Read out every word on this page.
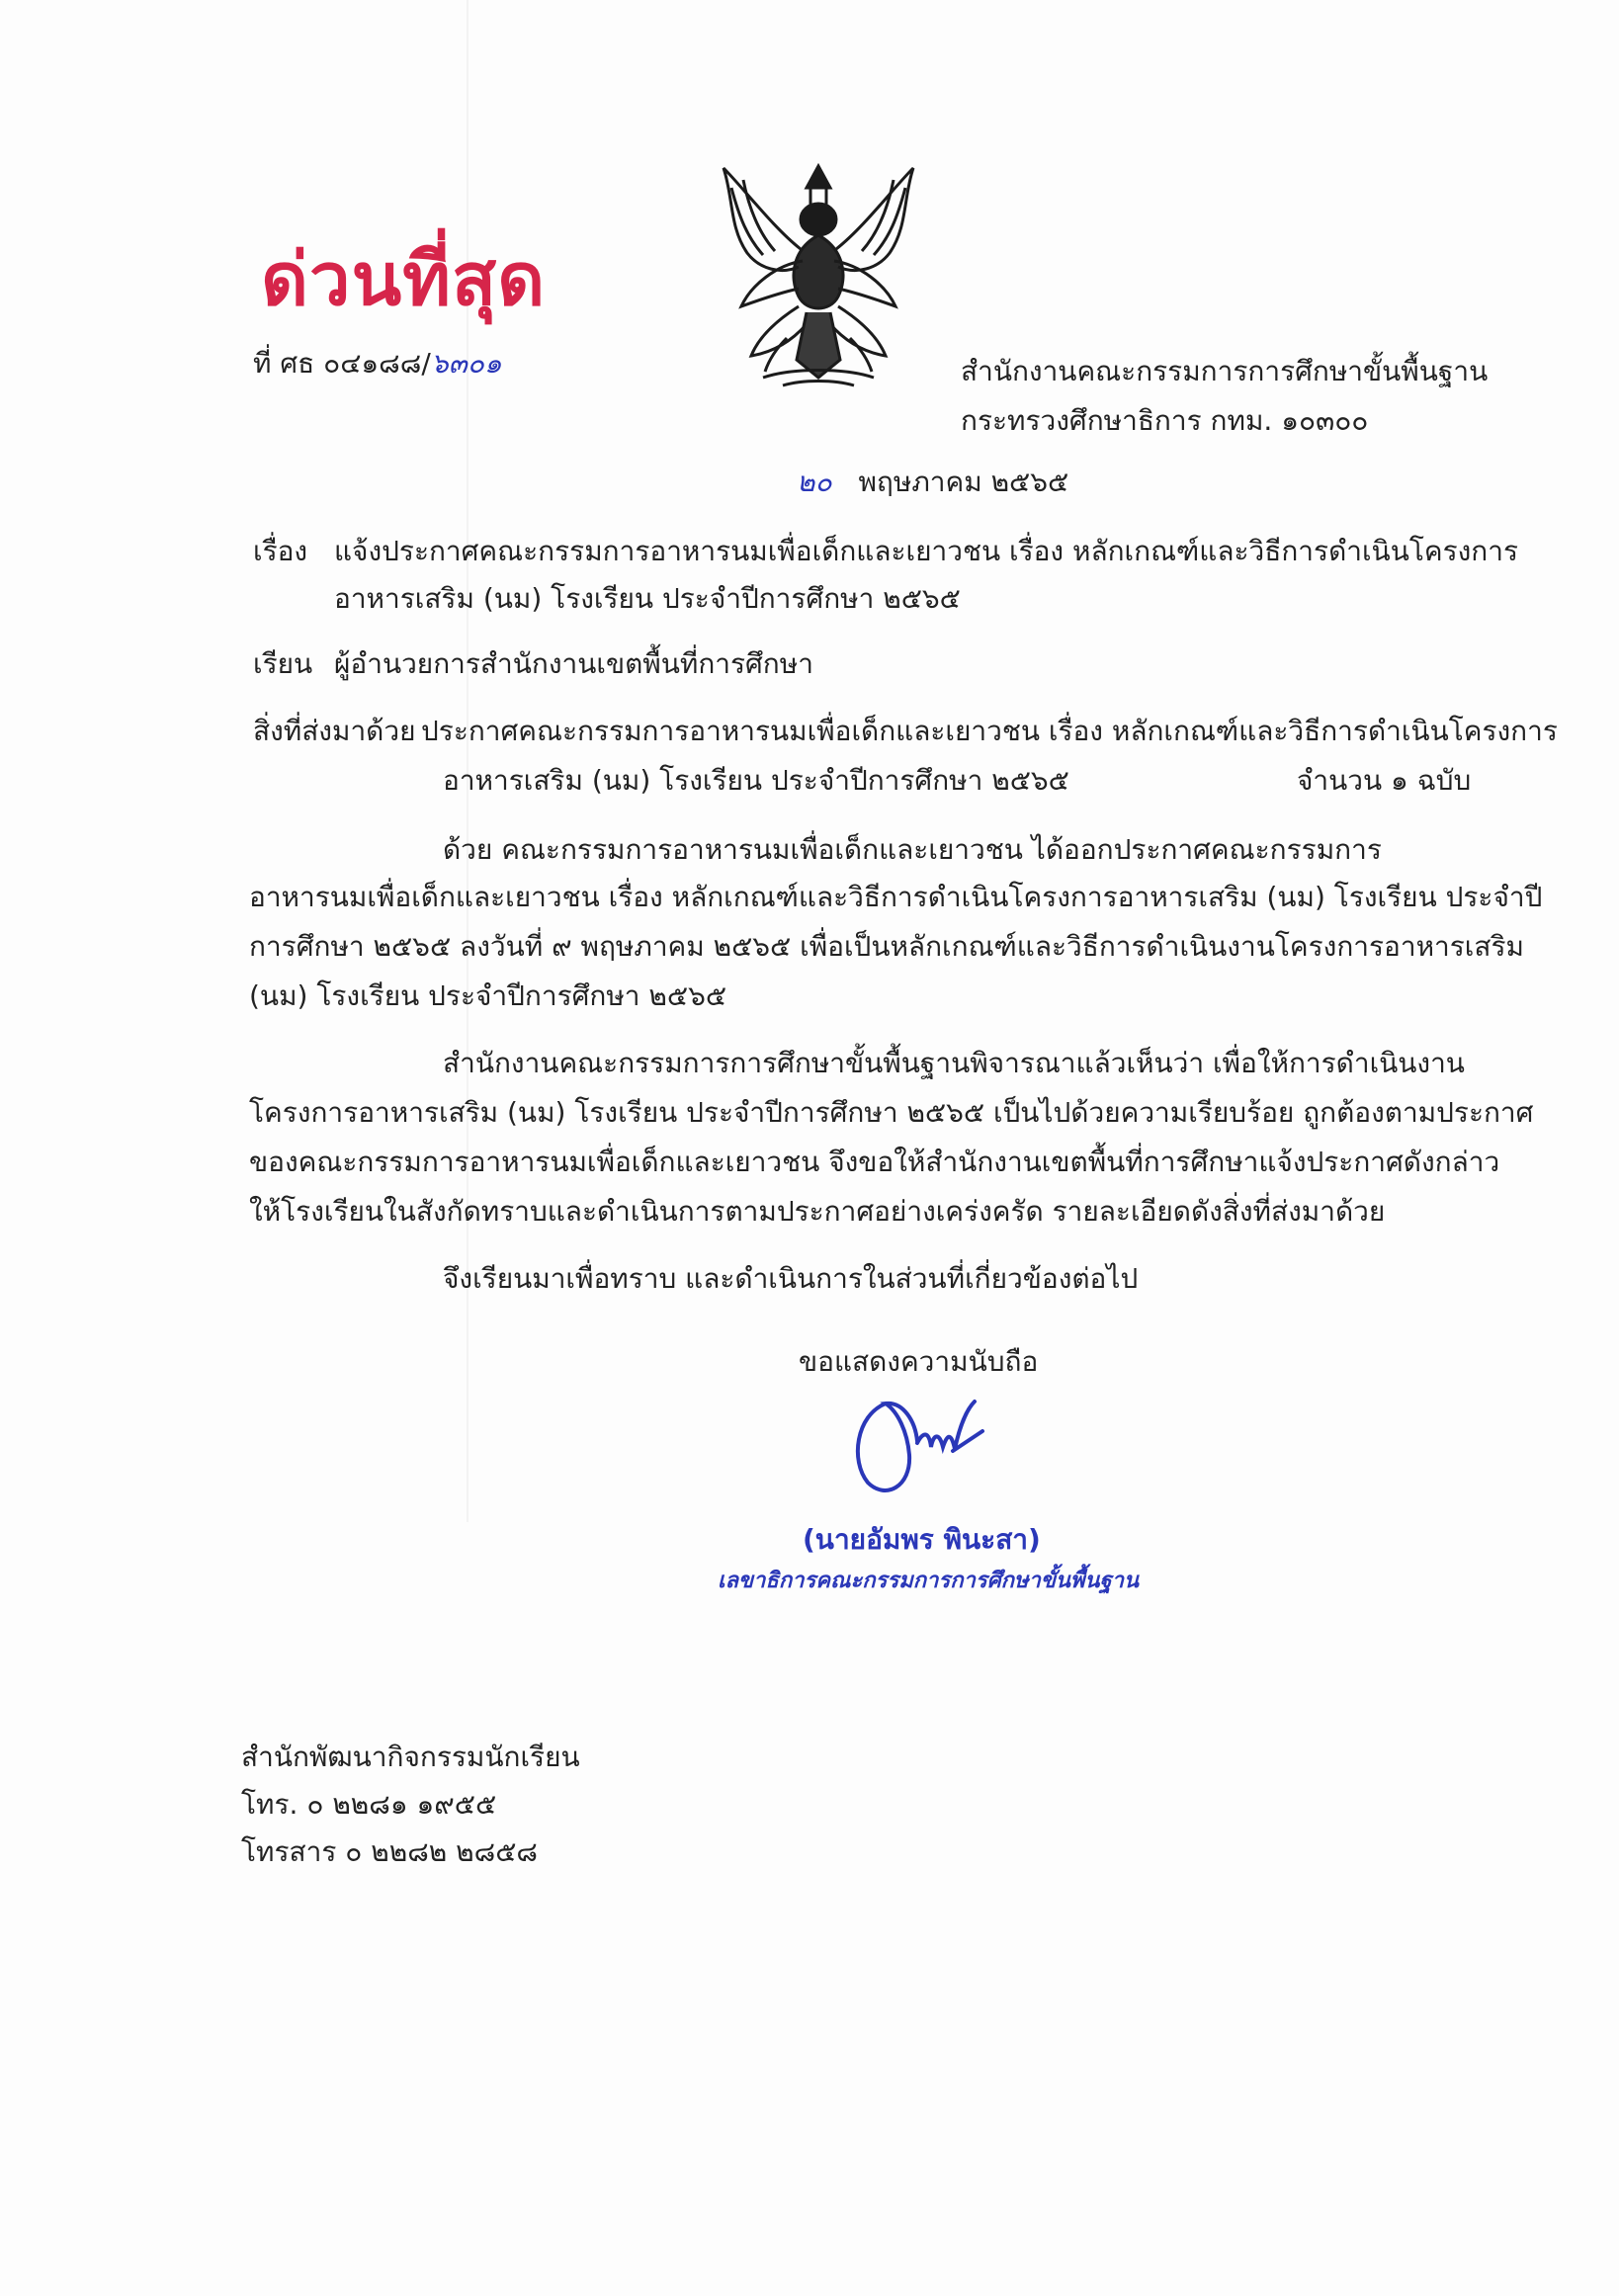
ด่วนที่สุด
ที่ ศธ ๐๔๑๘๘/๖๓๐๑	สำนักงานคณะกรรมการการศึกษาขั้นพื้นฐาน
กระทรวงศึกษาธิการ กทม. ๑๐๓๐๐
๒๐ พฤษภาคม ๒๕๖๕
เรื่อง แจ้งประกาศคณะกรรมการอาหารนมเพื่อเด็กและเยาวชน เรื่อง หลักเกณฑ์และวิธีการดำเนินโครงการ
อาหารเสริม (นม) โรงเรียน ประจำปีการศึกษา ๒๕๖๕
เรียน ผู้อำนวยการสำนักงานเขตพื้นที่การศึกษา
สิ่งที่ส่งมาด้วย ประกาศคณะกรรมการอาหารนมเพื่อเด็กและเยาวชน เรื่อง หลักเกณฑ์และวิธีการดำเนินโครงการ
อาหารเสริม (นม) โรงเรียน ประจำปีการศึกษา ๒๕๖๕	จำนวน ๑ ฉบับ
ด้วย คณะกรรมการอาหารนมเพื่อเด็กและเยาวชน ได้ออกประกาศคณะกรรมการ
อาหารนมเพื่อเด็กและเยาวชน เรื่อง หลักเกณฑ์และวิธีการดำเนินโครงการอาหารเสริม (นม) โรงเรียน ประจำปี
การศึกษา ๒๕๖๕ ลงวันที่ ๙ พฤษภาคม ๒๕๖๕ เพื่อเป็นหลักเกณฑ์และวิธีการดำเนินงานโครงการอาหารเสริม
(นม) โรงเรียน ประจำปีการศึกษา ๒๕๖๕
สำนักงานคณะกรรมการการศึกษาขั้นพื้นฐานพิจารณาแล้วเห็นว่า เพื่อให้การดำเนินงาน
โครงการอาหารเสริม (นม) โรงเรียน ประจำปีการศึกษา ๒๕๖๕ เป็นไปด้วยความเรียบร้อย ถูกต้องตามประกาศ
ของคณะกรรมการอาหารนมเพื่อเด็กและเยาวชน จึงขอให้สำนักงานเขตพื้นที่การศึกษาแจ้งประกาศดังกล่าว
ให้โรงเรียนในสังกัดทราบและดำเนินการตามประกาศอย่างเคร่งครัด รายละเอียดดังสิ่งที่ส่งมาด้วย
จึงเรียนมาเพื่อทราบ และดำเนินการในส่วนที่เกี่ยวข้องต่อไป
ขอแสดงความนับถือ
(นายอัมพร พินะสา)
เลขาธิการคณะกรรมการการศึกษาขั้นพื้นฐาน
สำนักพัฒนากิจกรรมนักเรียน
โทร. ๐ ๒๒๘๑ ๑๙๕๕
โทรสาร ๐ ๒๒๘๒ ๒๘๕๘
